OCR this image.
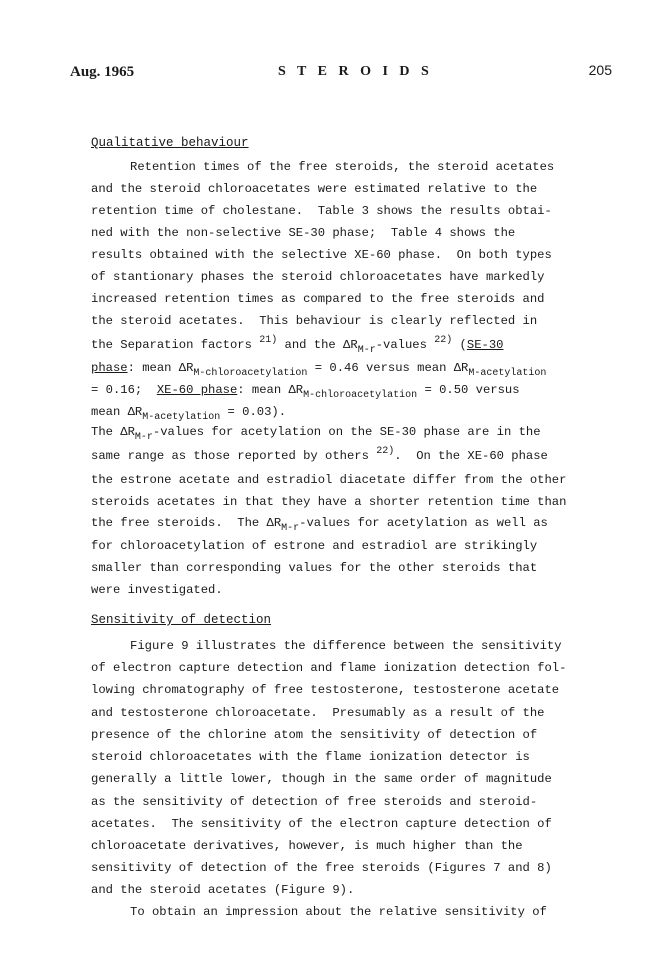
Aug. 1965	S T E R O I D S	205
Qualitative behaviour
Retention times of the free steroids, the steroid acetates
and the steroid chloroacetates were estimated relative to the
retention time of cholestane.  Table 3 shows the results obtai-
ned with the non-selective SE-30 phase;  Table 4 shows the
results obtained with the selective XE-60 phase.  On both types
of stantionary phases the steroid chloroacetates have markedly
increased retention times as compared to the free steroids and
the steroid acetates.  This behaviour is clearly reflected in
the Separation factors $^{21)}$ and the $\Delta R_{M-r}$-values $^{22)}$ (SE-30
phase: mean $\Delta R_{M-chloroacetylation} = 0.46$ versus mean $\Delta R_{M-acetylation}$
= 0.16;  XE-60 phase: mean $\Delta R_{M-chloroacetylation} = 0.50$ versus
mean $\Delta R_{M-acetylation} = 0.03$).
The $\Delta R_{M-r}$-values for acetylation on the SE-30 phase are in the
same range as those reported by others $^{22)}$.  On the XE-60 phase
the estrone acetate and estradiol diacetate differ from the other
steroids acetates in that they have a shorter retention time than
the free steroids.  The $\Delta R_{M-r}$-values for acetylation as well as
for chloroacetylation of estrone and estradiol are strikingly
smaller than corresponding values for the other steroids that
were investigated.
Sensitivity of detection
Figure 9 illustrates the difference between the sensitivity
of electron capture detection and flame ionization detection fol-
lowing chromatography of free testosterone, testosterone acetate
and testosterone chloroacetate.  Presumably as a result of the
presence of the chlorine atom the sensitivity of detection of
steroid chloroacetates with the flame ionization detector is
generally a little lower, though in the same order of magnitude
as the sensitivity of detection of free steroids and steroid-
acetates.  The sensitivity of the electron capture detection of
chloroacetate derivatives, however, is much higher than the
sensitivity of detection of the free steroids (Figures 7 and 8)
and the steroid acetates (Figure 9).
To obtain an impression about the relative sensitivity of
